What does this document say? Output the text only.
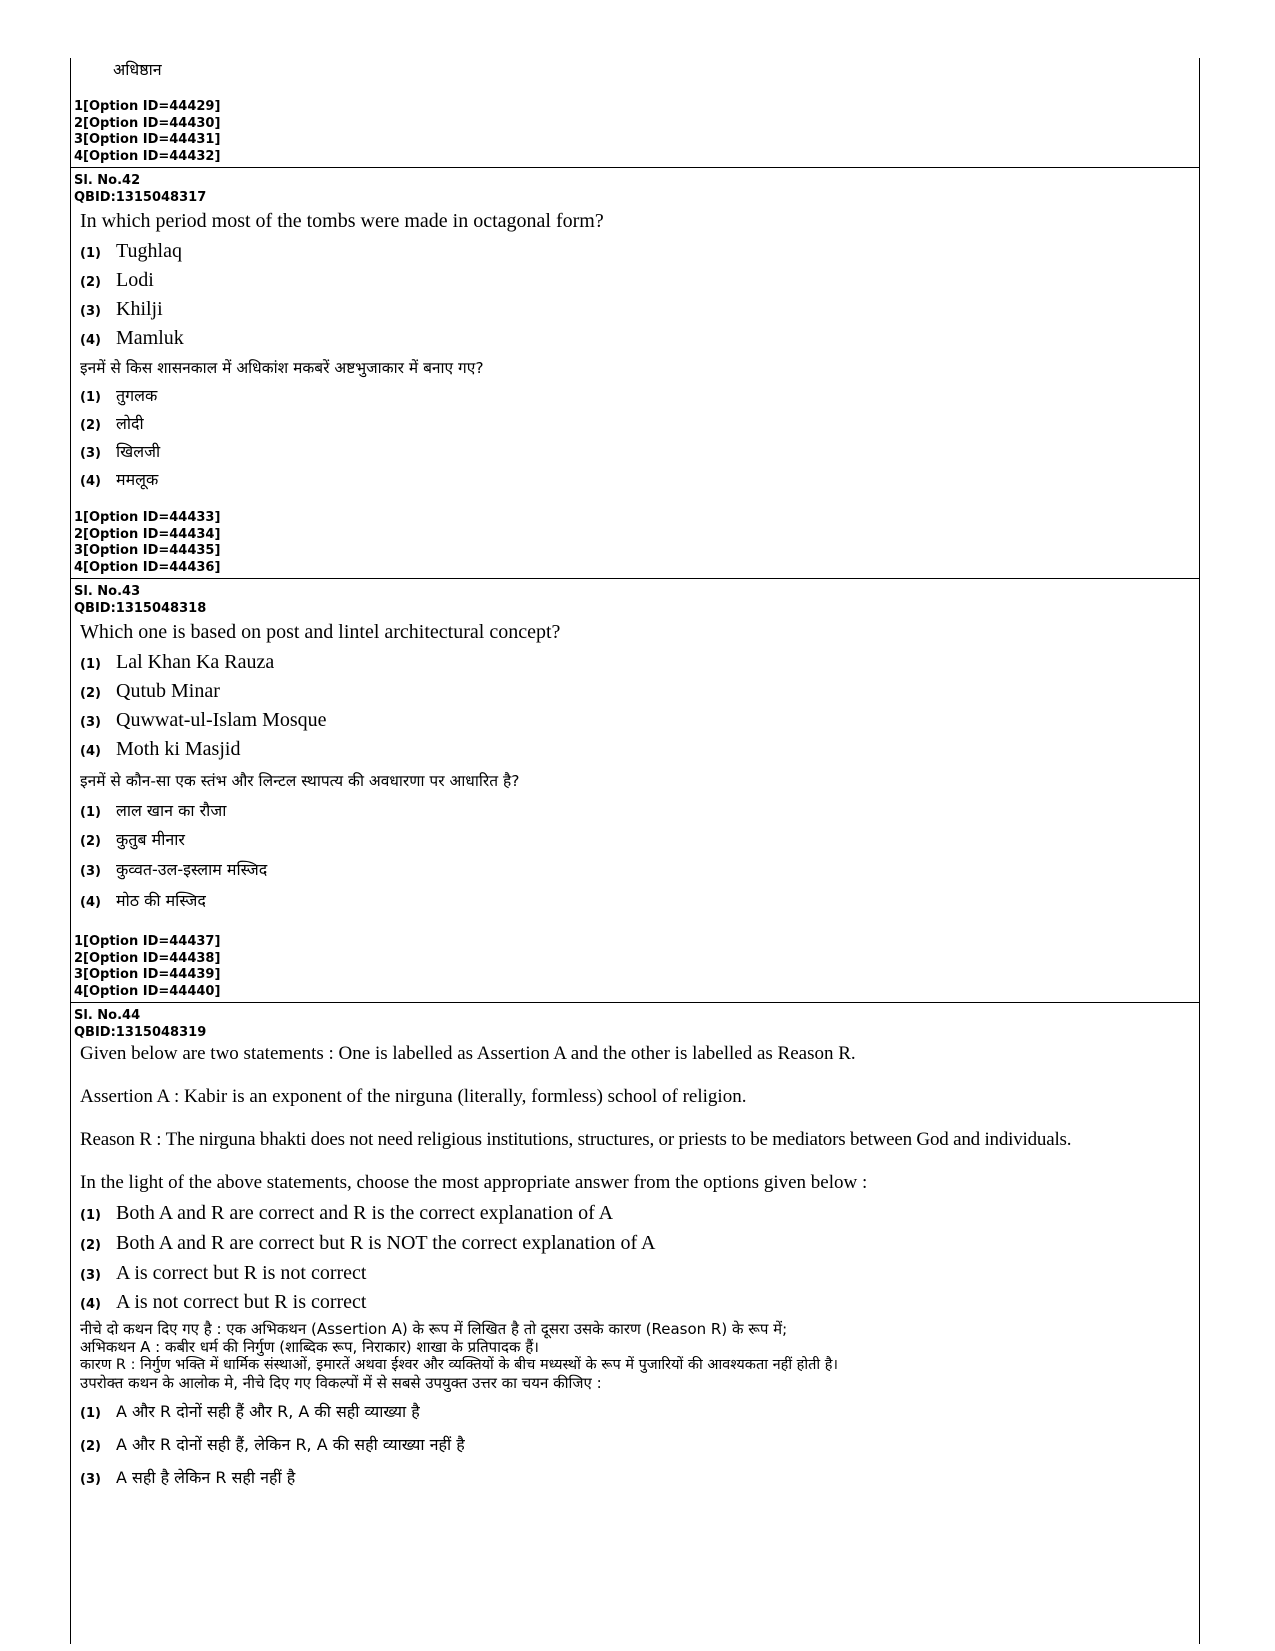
अधिष्ठान
1[Option ID=44429]
2[Option ID=44430]
3[Option ID=44431]
4[Option ID=44432]
Sl. No.42
QBID:1315048317
In which period most of the tombs were made in octagonal form?
(1) Tughlaq
(2) Lodi
(3) Khilji
(4) Mamluk
इनमें से किस शासनकाल में अधिकांश मकबरें अष्टभुजाकार में बनाए गए?
(1) तुगलक
(2) लोदी
(3) खिलजी
(4) ममलूक
1[Option ID=44433]
2[Option ID=44434]
3[Option ID=44435]
4[Option ID=44436]
Sl. No.43
QBID:1315048318
Which one is based on post and lintel architectural concept?
(1) Lal Khan Ka Rauza
(2) Qutub Minar
(3) Quwwat-ul-Islam Mosque
(4) Moth ki Masjid
इनमें से कौन-सा एक स्तंभ और लिन्टल स्थापत्य की अवधारणा पर आधारित है?
(1) लाल खान का रौजा
(2) कुतुब मीनार
(3) कुव्वत-उल-इस्लाम मस्जिद
(4) मोठ की मस्जिद
1[Option ID=44437]
2[Option ID=44438]
3[Option ID=44439]
4[Option ID=44440]
Sl. No.44
QBID:1315048319
Given below are two statements : One is labelled as Assertion A and the other is labelled as Reason R.
Assertion A : Kabir is an exponent of the nirguna (literally, formless) school of religion.
Reason R : The nirguna bhakti does not need religious institutions, structures, or priests to be mediators between God and individuals.
In the light of the above statements, choose the most appropriate answer from the options given below :
(1) Both A and R are correct and R is the correct explanation of A
(2) Both A and R are correct but R is NOT the correct explanation of A
(3) A is correct but R is not correct
(4) A is not correct but R is correct
नीचे दो कथन दिए गए है : एक अभिकथन (Assertion A) के रूप में लिखित है तो दूसरा उसके कारण (Reason R) के रूप में;
अभिकथन A : कबीर धर्म की निर्गुण (शाब्दिक रूप, निराकार) शाखा के प्रतिपादक हैं।
कारण R : निर्गुण भक्ति में धार्मिक संस्थाओं, इमारतें अथवा ईश्वर और व्यक्तियों के बीच मध्यस्थों के रूप में पुजारियों की आवश्यकता नहीं होती है।
उपरोक्त कथन के आलोक मे, नीचे दिए गए विकल्पों में से सबसे उपयुक्त उत्तर का चयन कीजिए :
(1) A और R दोनों सही हैं और R, A की सही व्याख्या है
(2) A और R दोनों सही हैं, लेकिन R, A की सही व्याख्या नहीं है
(3) A सही है लेकिन R सही नहीं है
